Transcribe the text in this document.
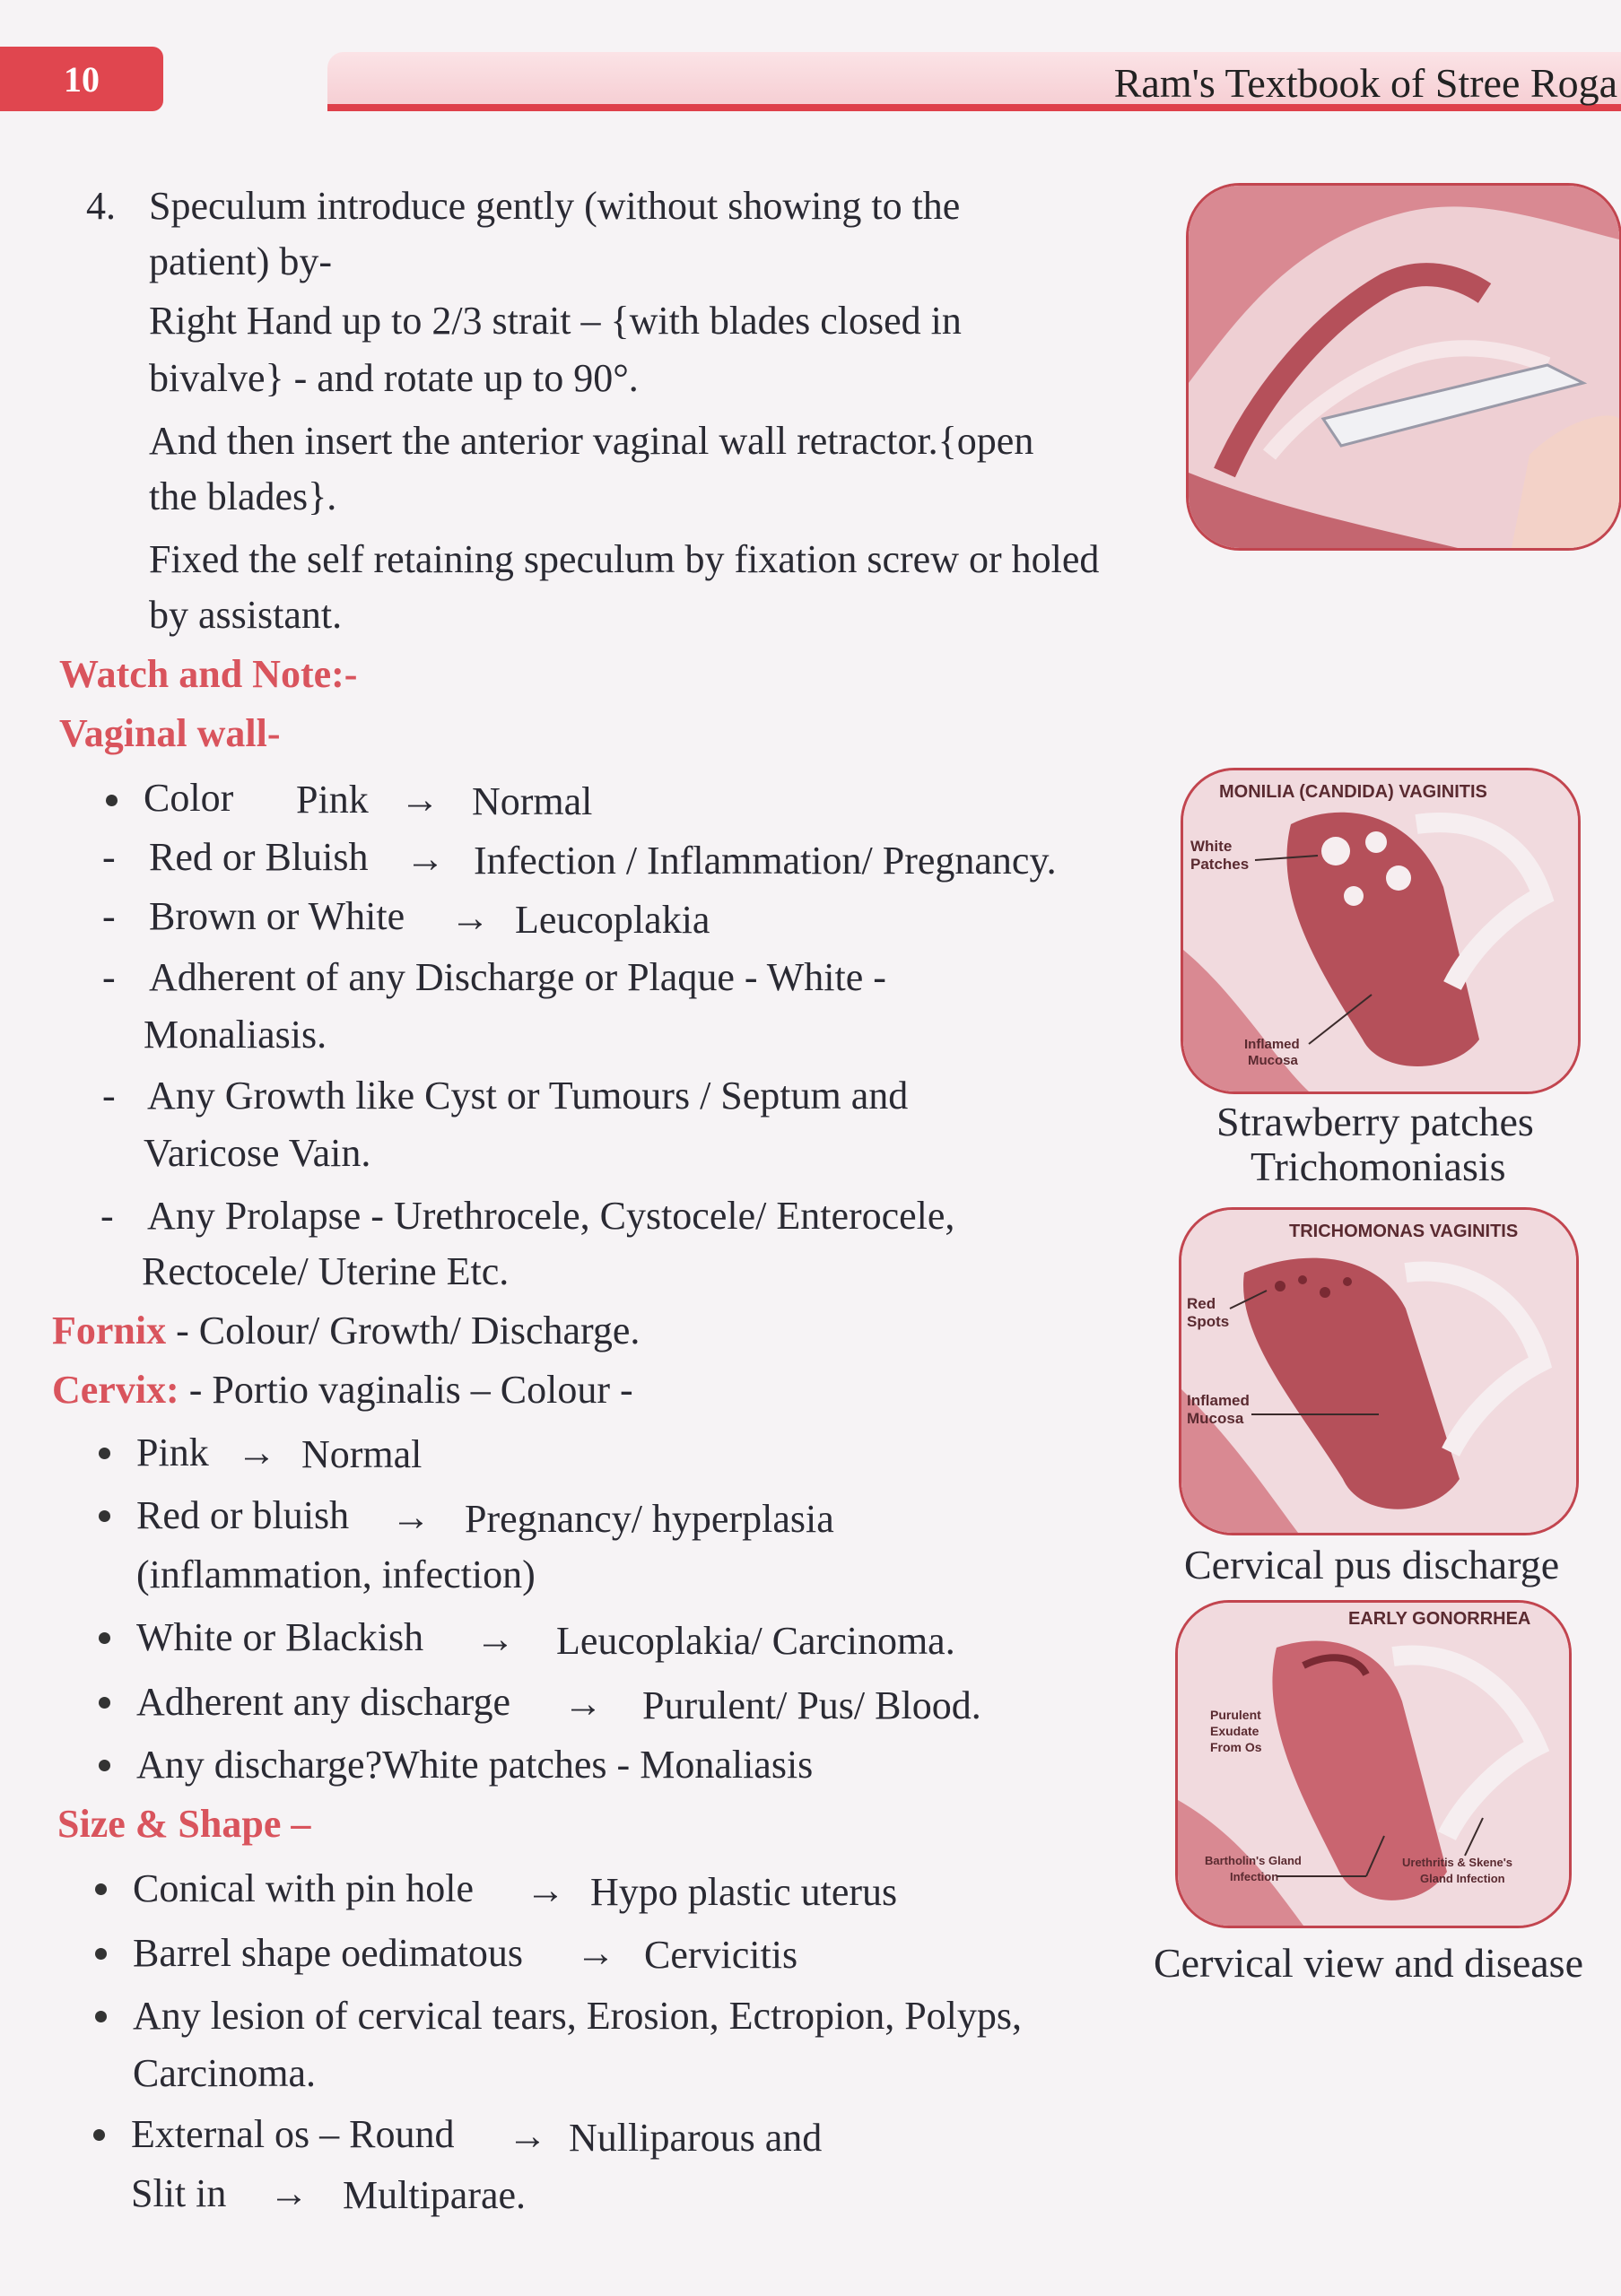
10	Ram's Textbook of Stree Roga
4. Speculum introduce gently (without showing to the
patient) by-
Right Hand up to 2/3 strait – {with blades closed in
bivalve} - and rotate up to 90°.
And then insert the anterior vaginal wall retractor.{open
the blades}.
Fixed the self retaining speculum by fixation screw or holed
by assistant.
Watch and Note:-
Vaginal wall-
Color Pink → Normal
- Red or Bluish → Infection / Inflammation/ Pregnancy.
- Brown or White → Leucoplakia
- Adherent of any Discharge or Plaque - White -
Monaliasis.
- Any Growth like Cyst or Tumours / Septum and
Varicose Vain.
- Any Prolapse - Urethrocele, Cystocele/ Enterocele,
Rectocele/ Uterine Etc.
Fornix - Colour/ Growth/ Discharge.
Cervix: - Portio vaginalis – Colour -
Pink → Normal
Red or bluish → Pregnancy/ hyperplasia
(inflammation, infection)
White or Blackish → Leucoplakia/ Carcinoma.
Adherent any discharge → Purulent/ Pus/ Blood.
Any discharge?White patches - Monaliasis
Size & Shape –
Conical with pin hole → Hypo plastic uterus
Barrel shape oedimatous → Cervicitis
Any lesion of cervical tears, Erosion, Ectropion, Polyps,
Carcinoma.
External os – Round → Nulliparous and
Slit in → Multiparae.
MONILIA (CANDIDA) VAGINITIS
White
Patches
Inflamed
Mucosa
Strawberry patches
Trichomoniasis
TRICHOMONAS VAGINITIS
Red
Spots
Inflamed
Mucosa
Cervical pus discharge
EARLY GONORRHEA
Purulent
Exudate
From Os
Bartholin's Gland
Infection
Urethritis & Skene's
Gland Infection
Cervical view and disease
